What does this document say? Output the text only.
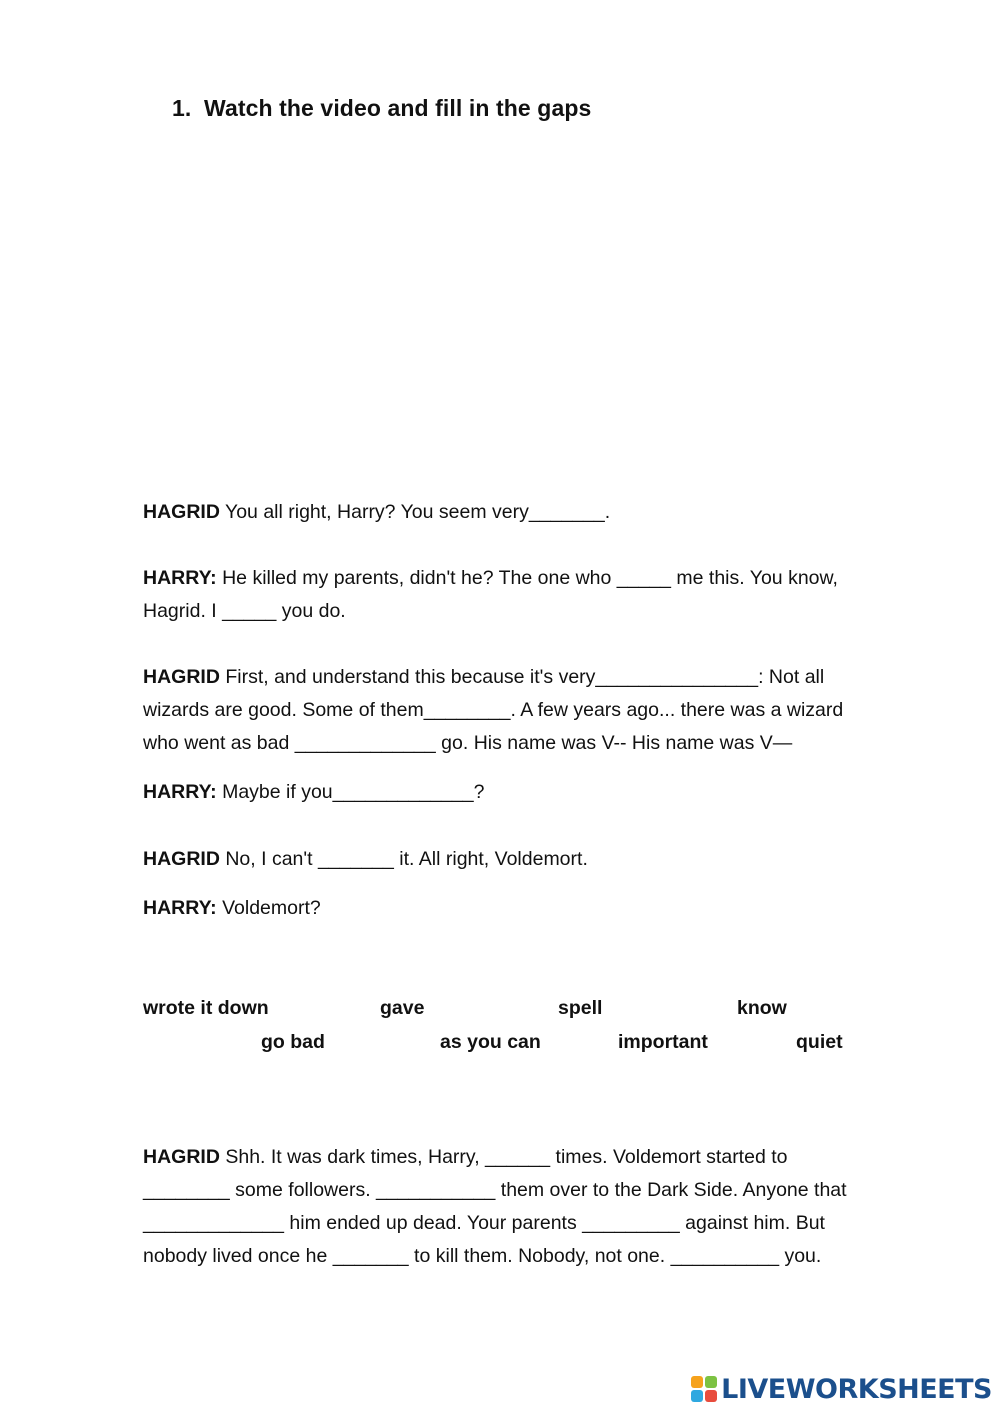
1. Watch the video and fill in the gaps
HAGRID You all right, Harry? You seem very_______.
HARRY: He killed my parents, didn't he? The one who _____ me this. You know,
Hagrid. I _____ you do.
HAGRID First, and understand this because it's very_______________: Not all
wizards are good. Some of them________. A few years ago... there was a wizard
who went as bad _____________ go. His name was V-- His name was V—
HARRY: Maybe if you_____________?
HAGRID No, I can't _______ it. All right, Voldemort.
HARRY: Voldemort?
wrote it down	gave	spell	know
go bad	as you can	important	quiet
HAGRID Shh. It was dark times, Harry, ______ times. Voldemort started to
________ some followers. ___________ them over to the Dark Side. Anyone that
_____________ him ended up dead. Your parents _________ against him. But
nobody lived once he _______ to kill them. Nobody, not one. __________ you.
LIVEWORKSHEETS
